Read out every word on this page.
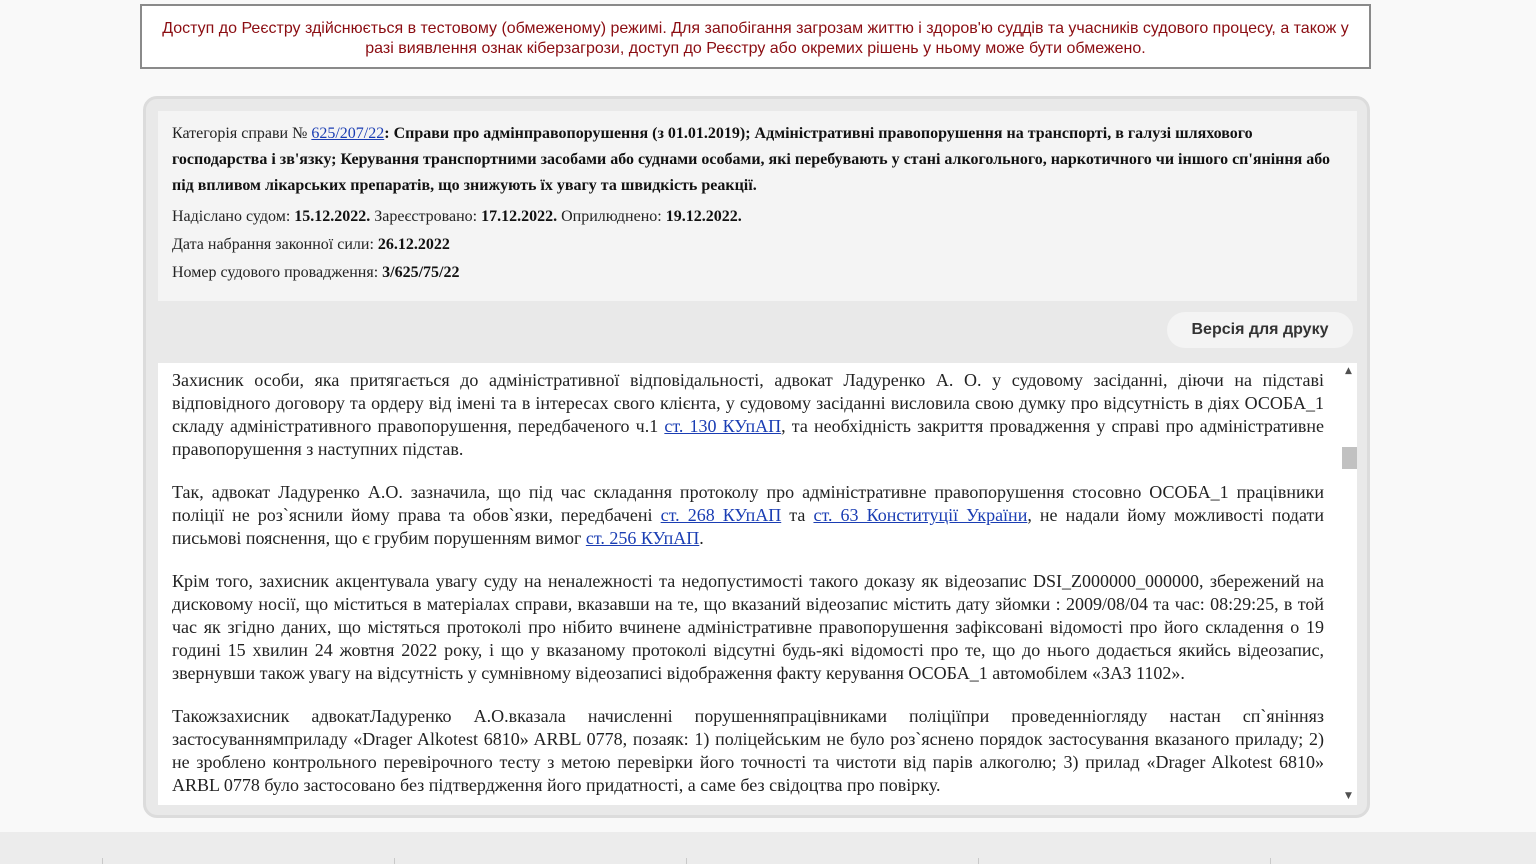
Доступ до Реєстру здійснюється в тестовому (обмеженому) режимі. Для запобігання загрозам життю і здоров'ю суддів та учасників судового процесу, а також у разі виявлення ознак кіберзагрози, доступ до Реєстру або окремих рішень у ньому може бути обмежено.
Категорія справи № 625/207/22: Справи про адмінправопорушення (з 01.01.2019); Адміністративні правопорушення на транспорті, в галузі шляхового господарства і зв'язку; Керування транспортними засобами або суднами особами, які перебувають у стані алкогольного, наркотичного чи іншого сп'яніння або під впливом лікарських препаратів, що знижують їх увагу та швидкість реакції.
Надіслано судом: 15.12.2022. Зареєстровано: 17.12.2022. Оприлюднено: 19.12.2022.
Дата набрання законної сили: 26.12.2022
Номер судового провадження: 3/625/75/22
Версія для друку

Захисник особи, яка притягається до адміністративної відповідальності, адвокат Ладуренко А. О. у судовому засіданні, діючи на підставі відповідного договору та ордеру від імені та в інтересах свого клієнта, у судовому засіданні висловила свою думку про відсутність в діях ОСОБА_1 складу адміністративного правопорушення, передбаченого ч.1 ст. 130 КУпАП, та необхідність закриття провадження у справі про адміністративне правопорушення з наступних підстав.

Так, адвокат Ладуренко А.О. зазначила, що під час складання протоколу про адміністративне правопорушення стосовно ОСОБА_1 працівники поліції не роз`яснили йому права та обов`язки, передбачені ст. 268 КУпАП та ст. 63 Конституції України, не надали йому можливості подати письмові пояснення, що є грубим порушенням вимог ст. 256 КУпАП.

Крім того, захисник акцентувала увагу суду на неналежності та недопустимості такого доказу як відеозапис DSI_Z000000_000000, збережений на дисковому носії, що міститься в матеріалах справи, вказавши на те, що вказаний відеозапис містить дату зйомки : 2009/08/04 та час: 08:29:25, в той час як згідно даних, що містяться протоколі про нібито вчинене адміністративне правопорушення зафіксовані відомості про його складення о 19 годині 15 хвилин 24 жовтня 2022 року, і що у вказаному протоколі відсутні будь-які відомості про те, що до нього додається якийсь відеозапис, звернувши також увагу на відсутність у сумнівному відеозаписі відображення факту керування ОСОБА_1 автомобілем «ЗАЗ 1102».

Такожзахисник адвокатЛадуренко А.О.вказала начисленні порушенняпрацівниками поліціїпри проведенніогляду настан сп`янінняз застосуваннямприладу «Drager Alkotest 6810» ARBL 0778, позаяк: 1) поліцейським не було роз`яснено порядок застосування вказаного приладу; 2) не зроблено контрольного перевірочного тесту з метою перевірки його точності та чистоти від парів алкоголю; 3) прилад «Drager Alkotest 6810» ARBL 0778 було застосовано без підтвердження його придатності, а саме без свідоцтва про повірку.

▲
▼
